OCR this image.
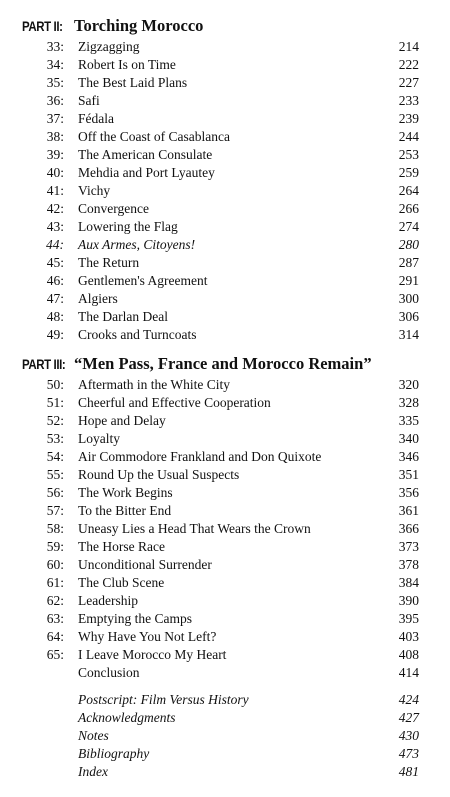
PART II: Torching Morocco
33: Zigzagging	214
34: Robert Is on Time	222
35: The Best Laid Plans	227
36: Safi	233
37: Fédala	239
38: Off the Coast of Casablanca	244
39: The American Consulate	253
40: Mehdia and Port Lyautey	259
41: Vichy	264
42: Convergence	266
43: Lowering the Flag	274
44: Aux Armes, Citoyens!	280
45: The Return	287
46: Gentlemen's Agreement	291
47: Algiers	300
48: The Darlan Deal	306
49: Crooks and Turncoats	314
PART III: “Men Pass, France and Morocco Remain”
50: Aftermath in the White City	320
51: Cheerful and Effective Cooperation	328
52: Hope and Delay	335
53: Loyalty	340
54: Air Commodore Frankland and Don Quixote	346
55: Round Up the Usual Suspects	351
56: The Work Begins	356
57: To the Bitter End	361
58: Uneasy Lies a Head That Wears the Crown	366
59: The Horse Race	373
60: Unconditional Surrender	378
61: The Club Scene	384
62: Leadership	390
63: Emptying the Camps	395
64: Why Have You Not Left?	403
65: I Leave Morocco My Heart	408
Conclusion	414
Postscript: Film Versus History	424
Acknowledgments	427
Notes	430
Bibliography	473
Index	481
